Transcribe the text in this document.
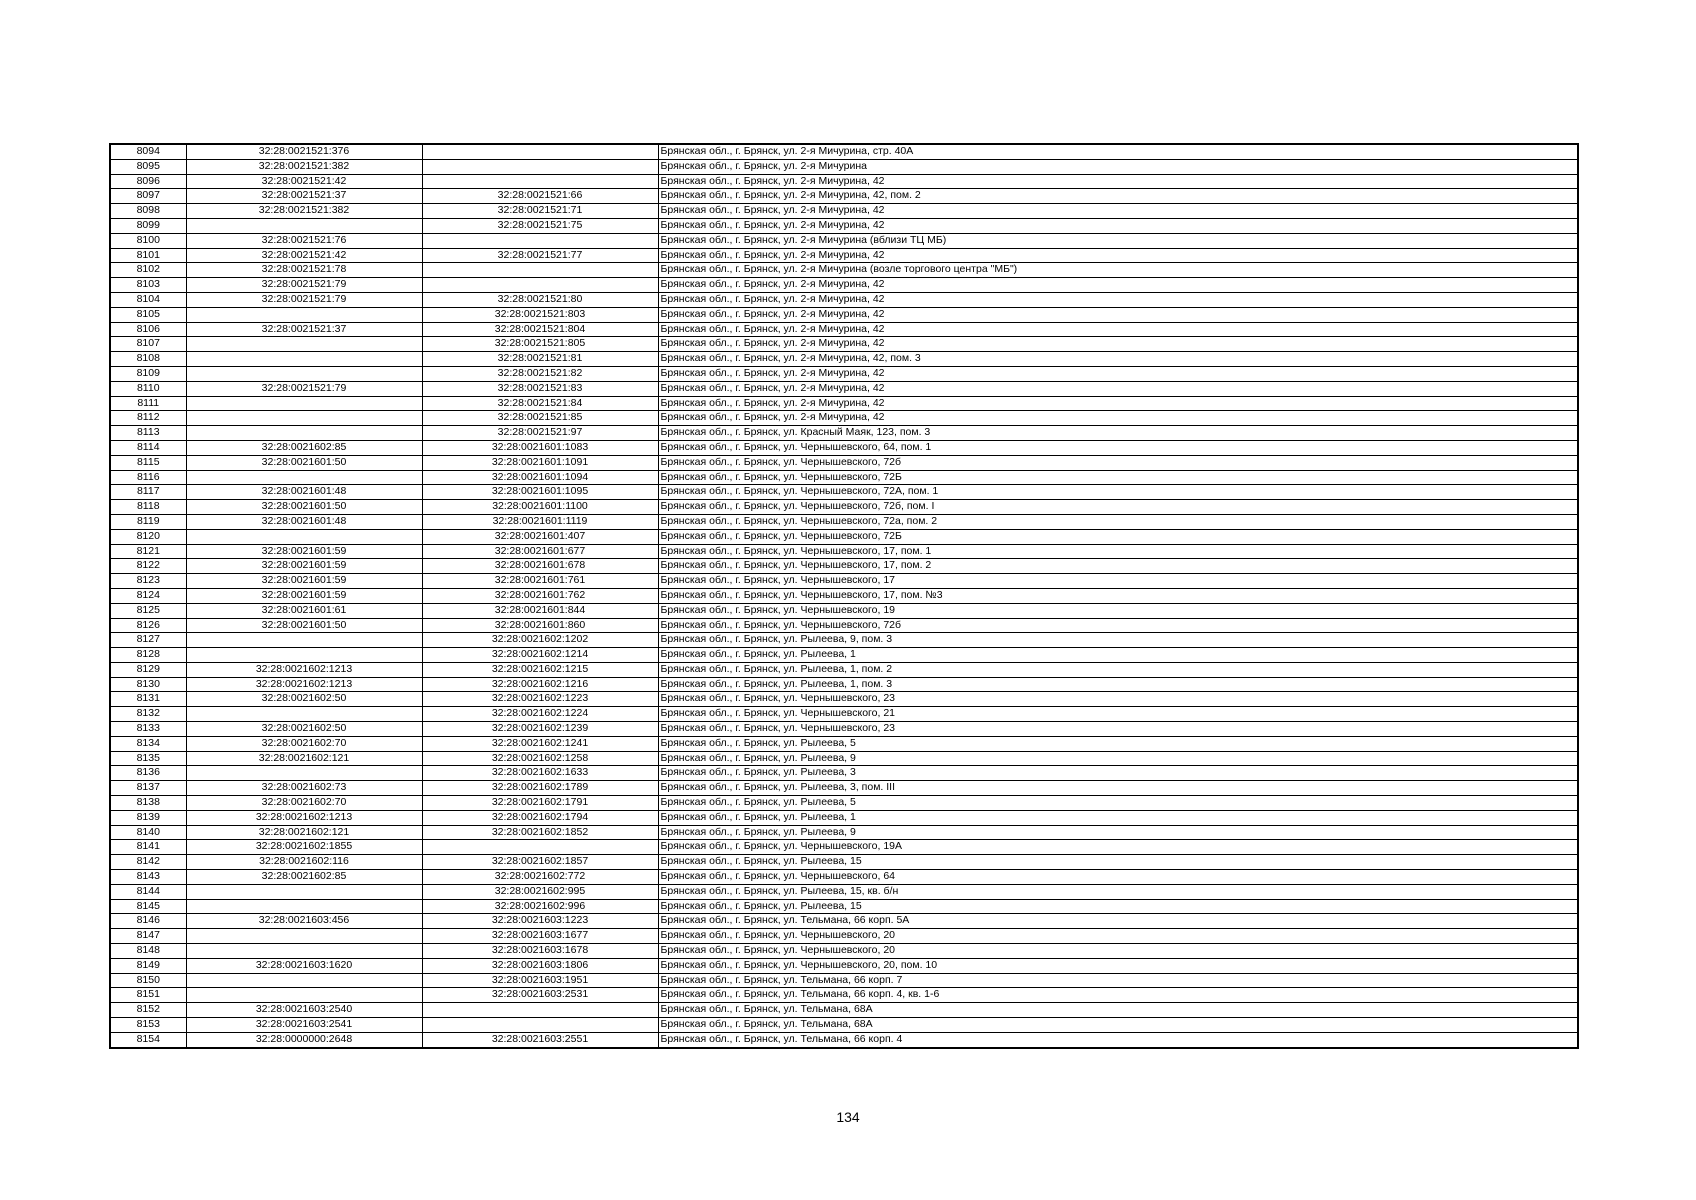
8094	32:28:0021521:376		Брянская обл., г. Брянск, ул. 2-я Мичурина, стр. 40А
8095	32:28:0021521:382		Брянская обл., г. Брянск, ул. 2-я Мичурина
8096	32:28:0021521:42		Брянская обл., г. Брянск, ул. 2-я Мичурина, 42
8097	32:28:0021521:37	32:28:0021521:66	Брянская обл., г. Брянск, ул. 2-я Мичурина, 42, пом. 2
8098	32:28:0021521:382	32:28:0021521:71	Брянская обл., г. Брянск, ул. 2-я Мичурина, 42
8099		32:28:0021521:75	Брянская обл., г. Брянск, ул. 2-я Мичурина, 42
8100	32:28:0021521:76		Брянская обл., г. Брянск, ул. 2-я Мичурина (вблизи ТЦ МБ)
8101	32:28:0021521:42	32:28:0021521:77	Брянская обл., г. Брянск, ул. 2-я Мичурина, 42
8102	32:28:0021521:78		Брянская обл., г. Брянск, ул. 2-я Мичурина (возле торгового центра "МБ")
8103	32:28:0021521:79		Брянская обл., г. Брянск, ул. 2-я Мичурина, 42
8104	32:28:0021521:79	32:28:0021521:80	Брянская обл., г. Брянск, ул. 2-я Мичурина, 42
8105		32:28:0021521:803	Брянская обл., г. Брянск, ул. 2-я Мичурина, 42
8106	32:28:0021521:37	32:28:0021521:804	Брянская обл., г. Брянск, ул. 2-я Мичурина, 42
8107		32:28:0021521:805	Брянская обл., г. Брянск, ул. 2-я Мичурина, 42
8108		32:28:0021521:81	Брянская обл., г. Брянск, ул. 2-я Мичурина, 42, пом. 3
8109		32:28:0021521:82	Брянская обл., г. Брянск, ул. 2-я Мичурина, 42
8110	32:28:0021521:79	32:28:0021521:83	Брянская обл., г. Брянск, ул. 2-я Мичурина, 42
8111		32:28:0021521:84	Брянская обл., г. Брянск, ул. 2-я Мичурина, 42
8112		32:28:0021521:85	Брянская обл., г. Брянск, ул. 2-я Мичурина, 42
8113		32:28:0021521:97	Брянская обл., г. Брянск, ул. Красный Маяк, 123, пом. 3
8114	32:28:0021602:85	32:28:0021601:1083	Брянская обл., г. Брянск, ул. Чернышевского, 64, пом. 1
8115	32:28:0021601:50	32:28:0021601:1091	Брянская обл., г. Брянск, ул. Чернышевского, 72б
8116		32:28:0021601:1094	Брянская обл., г. Брянск, ул. Чернышевского, 72Б
8117	32:28:0021601:48	32:28:0021601:1095	Брянская обл., г. Брянск, ул. Чернышевского, 72А, пом. 1
8118	32:28:0021601:50	32:28:0021601:1100	Брянская обл., г. Брянск, ул. Чернышевского, 72б, пом. I
8119	32:28:0021601:48	32:28:0021601:1119	Брянская обл., г. Брянск, ул. Чернышевского, 72а, пом. 2
8120		32:28:0021601:407	Брянская обл., г. Брянск, ул. Чернышевского, 72Б
8121	32:28:0021601:59	32:28:0021601:677	Брянская обл., г. Брянск, ул. Чернышевского, 17, пом. 1
8122	32:28:0021601:59	32:28:0021601:678	Брянская обл., г. Брянск, ул. Чернышевского, 17, пом. 2
8123	32:28:0021601:59	32:28:0021601:761	Брянская обл., г. Брянск, ул. Чернышевского, 17
8124	32:28:0021601:59	32:28:0021601:762	Брянская обл., г. Брянск, ул. Чернышевского, 17, пом. №3
8125	32:28:0021601:61	32:28:0021601:844	Брянская обл., г. Брянск, ул. Чернышевского, 19
8126	32:28:0021601:50	32:28:0021601:860	Брянская обл., г. Брянск, ул. Чернышевского, 72б
8127		32:28:0021602:1202	Брянская обл., г. Брянск, ул. Рылеева, 9, пом. 3
8128		32:28:0021602:1214	Брянская обл., г. Брянск, ул. Рылеева, 1
8129	32:28:0021602:1213	32:28:0021602:1215	Брянская обл., г. Брянск, ул. Рылеева, 1, пом. 2
8130	32:28:0021602:1213	32:28:0021602:1216	Брянская обл., г. Брянск, ул. Рылеева, 1, пом. 3
8131	32:28:0021602:50	32:28:0021602:1223	Брянская обл., г. Брянск, ул. Чернышевского, 23
8132		32:28:0021602:1224	Брянская обл., г. Брянск, ул. Чернышевского, 21
8133	32:28:0021602:50	32:28:0021602:1239	Брянская обл., г. Брянск, ул. Чернышевского, 23
8134	32:28:0021602:70	32:28:0021602:1241	Брянская обл., г. Брянск, ул. Рылеева, 5
8135	32:28:0021602:121	32:28:0021602:1258	Брянская обл., г. Брянск, ул. Рылеева, 9
8136		32:28:0021602:1633	Брянская обл., г. Брянск, ул. Рылеева, 3
8137	32:28:0021602:73	32:28:0021602:1789	Брянская обл., г. Брянск, ул. Рылеева, 3, пом. III
8138	32:28:0021602:70	32:28:0021602:1791	Брянская обл., г. Брянск, ул. Рылеева, 5
8139	32:28:0021602:1213	32:28:0021602:1794	Брянская обл., г. Брянск, ул. Рылеева, 1
8140	32:28:0021602:121	32:28:0021602:1852	Брянская обл., г. Брянск, ул. Рылеева, 9
8141	32:28:0021602:1855		Брянская обл., г. Брянск, ул. Чернышевского, 19А
8142	32:28:0021602:116	32:28:0021602:1857	Брянская обл., г. Брянск, ул. Рылеева, 15
8143	32:28:0021602:85	32:28:0021602:772	Брянская обл., г. Брянск, ул. Чернышевского, 64
8144		32:28:0021602:995	Брянская обл., г. Брянск, ул. Рылеева, 15, кв. б/н
8145		32:28:0021602:996	Брянская обл., г. Брянск, ул. Рылеева, 15
8146	32:28:0021603:456	32:28:0021603:1223	Брянская обл., г. Брянск, ул. Тельмана, 66 корп. 5А
8147		32:28:0021603:1677	Брянская обл., г. Брянск, ул. Чернышевского, 20
8148		32:28:0021603:1678	Брянская обл., г. Брянск, ул. Чернышевского, 20
8149	32:28:0021603:1620	32:28:0021603:1806	Брянская обл., г. Брянск, ул. Чернышевского, 20, пом. 10
8150		32:28:0021603:1951	Брянская обл., г. Брянск, ул. Тельмана, 66 корп. 7
8151		32:28:0021603:2531	Брянская обл., г. Брянск, ул. Тельмана, 66 корп. 4, кв. 1-6
8152	32:28:0021603:2540		Брянская обл., г. Брянск, ул. Тельмана, 68А
8153	32:28:0021603:2541		Брянская обл., г. Брянск, ул. Тельмана, 68А
8154	32:28:0000000:2648	32:28:0021603:2551	Брянская обл., г. Брянск, ул. Тельмана, 66 корп. 4
134
